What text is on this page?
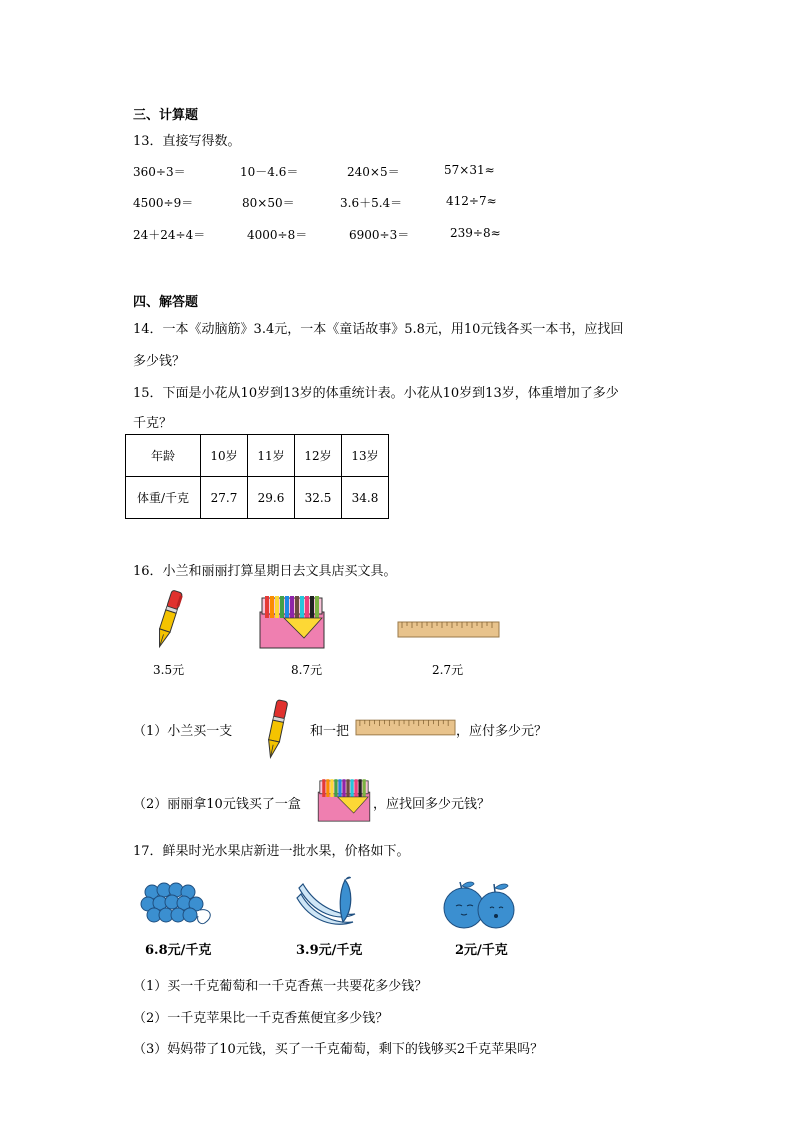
三、计算题
13．直接写得数。
360÷3＝	10－4.6＝	240×5＝	57×31≈
4500÷9＝	80×50＝	3.6＋5.4＝	412÷7≈
24＋24÷4＝	4000÷8＝	6900÷3＝	239÷8≈
四、解答题
14．一本《动脑筋》3.4元，一本《童话故事》5.8元，用10元钱各买一本书，应找回
多少钱？
15．下面是小花从10岁到13岁的体重统计表。小花从10岁到13岁，体重增加了多少
千克？
年龄	10岁	11岁	12岁	13岁
体重/千克	27.7	29.6	32.5	34.8
16．小兰和丽丽打算星期日去文具店买文具。
3.5元	8.7元	2.7元
（1）小兰买一支	和一把	，应付多少元？
（2）丽丽拿10元钱买了一盒	，应找回多少元钱？
17．鲜果时光水果店新进一批水果，价格如下。
6.8元/千克	3.9元/千克	2元/千克
（1）买一千克葡萄和一千克香蕉一共要花多少钱？
（2）一千克苹果比一千克香蕉便宜多少钱？
（3）妈妈带了10元钱，买了一千克葡萄，剩下的钱够买2千克苹果吗？
